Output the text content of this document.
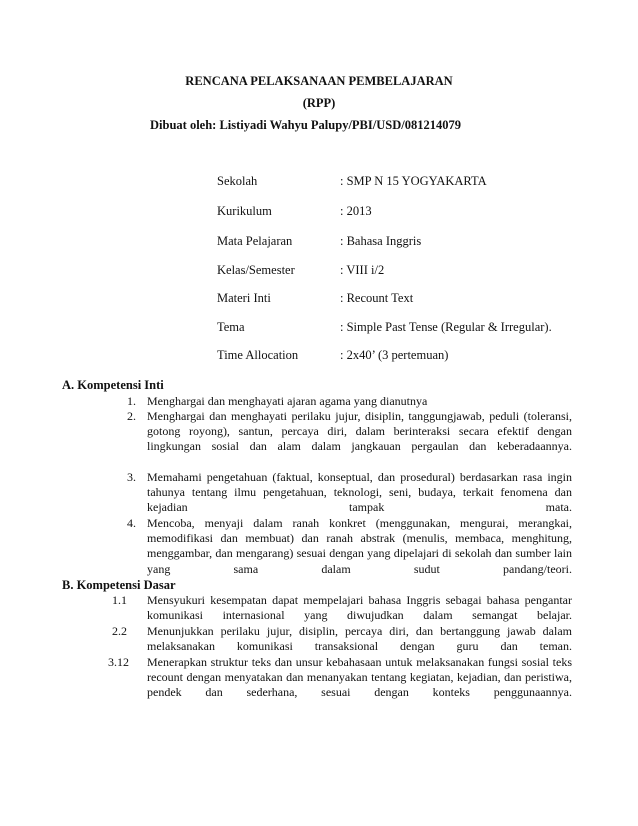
RENCANA PELAKSANAAN PEMBELAJARAN
(RPP)
Dibuat oleh: Listiyadi Wahyu Palupy/PBI/USD/081214079
Sekolah	: SMP N 15 YOGYAKARTA
Kurikulum	: 2013
Mata Pelajaran	: Bahasa Inggris
Kelas/Semester	: VIII i/2
Materi Inti	: Recount Text
Tema	: Simple Past Tense (Regular & Irregular).
Time Allocation	: 2x40’ (3 pertemuan)
A. Kompetensi Inti
1. Menghargai dan menghayati ajaran agama yang dianutnya
2. Menghargai dan menghayati perilaku jujur, disiplin, tanggungjawab, peduli (toleransi, gotong royong), santun, percaya diri, dalam berinteraksi secara efektif dengan lingkungan sosial dan alam dalam jangkauan pergaulan dan keberadaannya.
3. Memahami pengetahuan (faktual, konseptual, dan prosedural) berdasarkan rasa ingin tahunya tentang ilmu pengetahuan, teknologi, seni, budaya, terkait fenomena dan kejadian tampak mata.
4. Mencoba, menyaji dalam ranah konkret (menggunakan, mengurai, merangkai, memodifikasi dan membuat) dan ranah abstrak (menulis, membaca, menghitung, menggambar, dan mengarang) sesuai dengan yang dipelajari di sekolah dan sumber lain yang sama dalam sudut pandang/teori.
B. Kompetensi Dasar
1.1	Mensyukuri kesempatan dapat mempelajari bahasa Inggris sebagai bahasa pengantar komunikasi internasional yang diwujudkan dalam semangat belajar.
2.2	Menunjukkan perilaku jujur, disiplin, percaya diri, dan bertanggung jawab dalam melaksanakan komunikasi transaksional dengan guru dan teman.
3.12	Menerapkan struktur teks dan unsur kebahasaan untuk melaksanakan fungsi sosial teks recount dengan menyatakan dan menanyakan tentang kegiatan, kejadian, dan peristiwa, pendek dan sederhana, sesuai dengan konteks penggunaannya.
